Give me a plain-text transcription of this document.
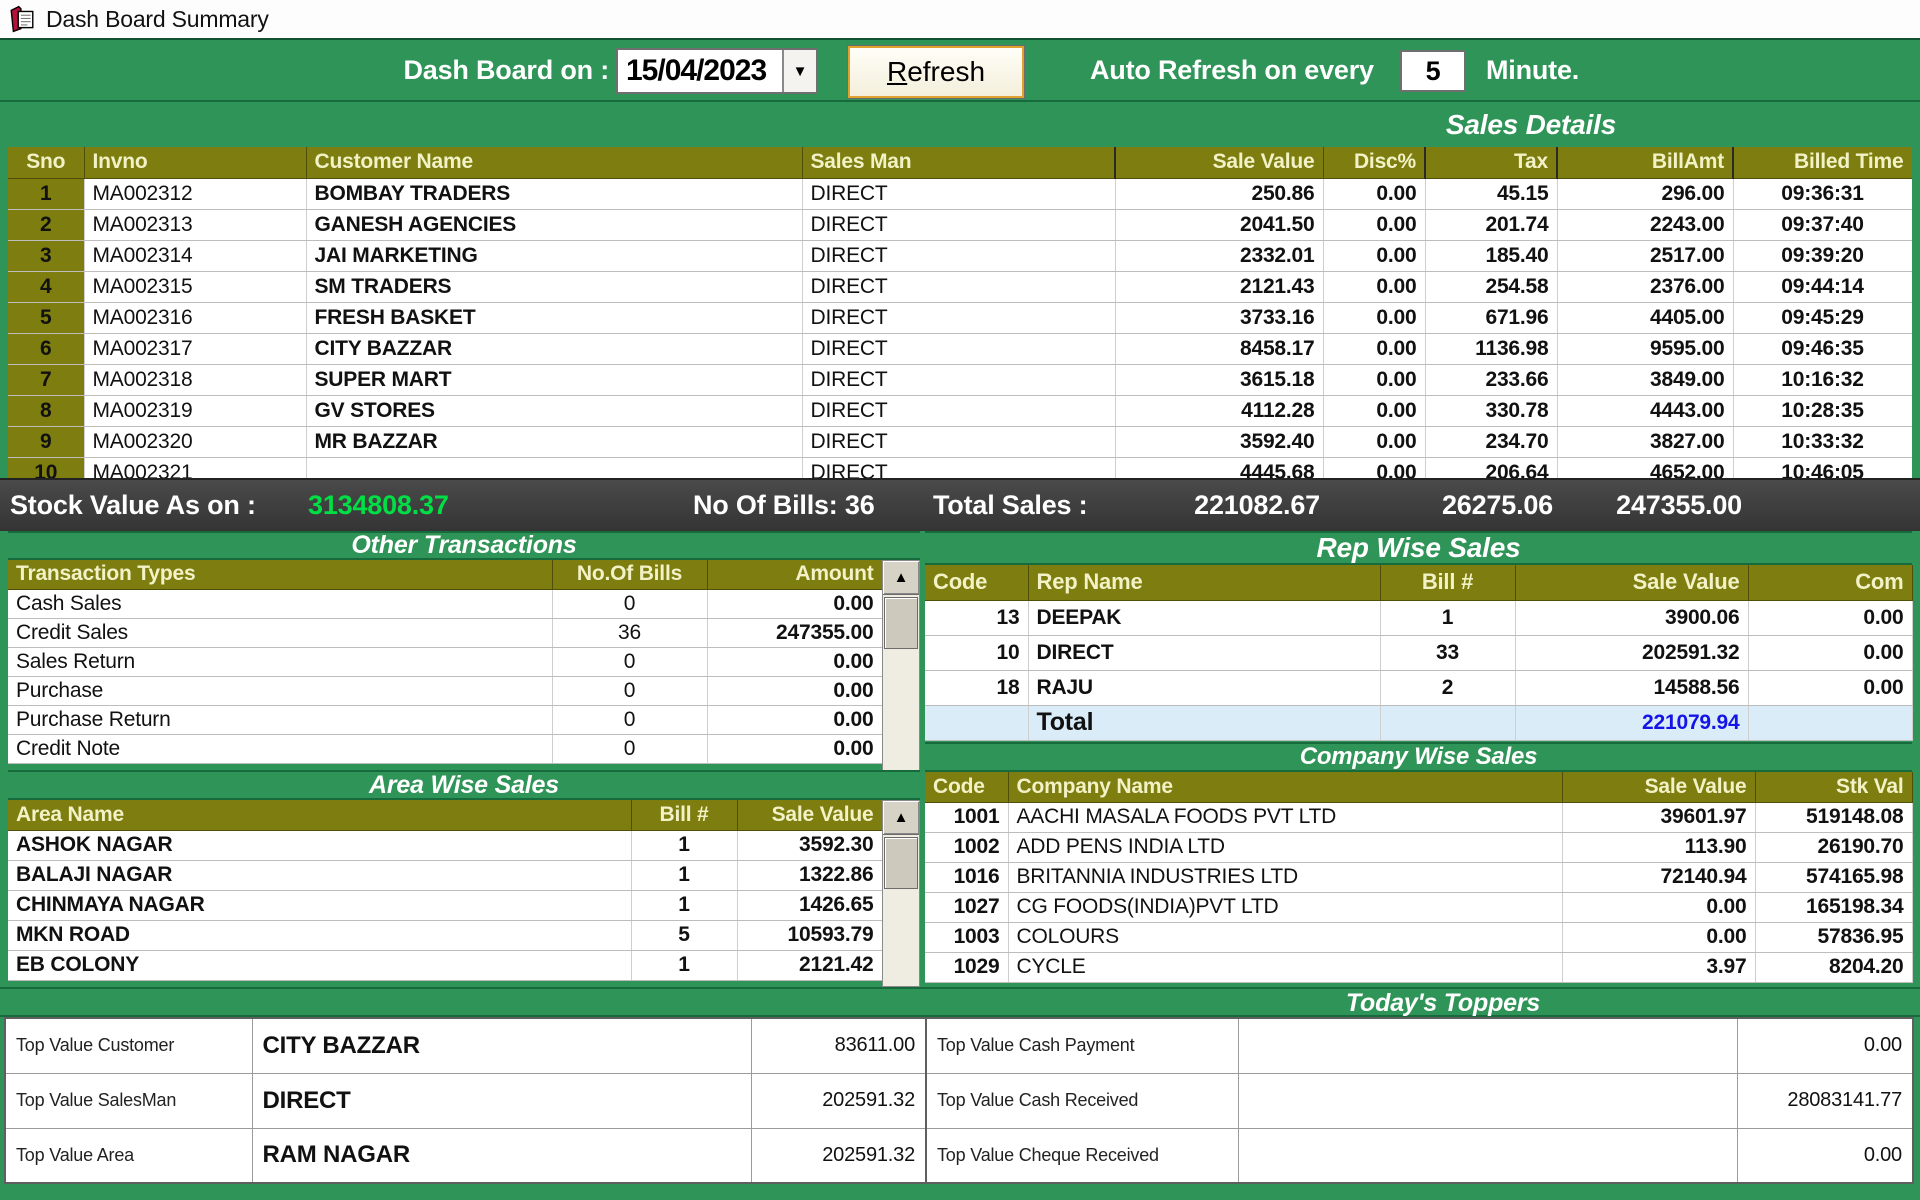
Dash Board Summary
Dash Board on : 15/04/2023	▼	Refresh	Auto Refresh on every	5	Minute.
Sales Details
Sno	Invno	Customer Name	Sales Man	Sale Value	Disc%	Tax	BillAmt	Billed Time
1	MA002312	BOMBAY TRADERS	DIRECT	250.86	0.00	45.15	296.00	09:36:31
2	MA002313	GANESH AGENCIES	DIRECT	2041.50	0.00	201.74	2243.00	09:37:40
3	MA002314	JAI MARKETING	DIRECT	2332.01	0.00	185.40	2517.00	09:39:20
4	MA002315	SM TRADERS	DIRECT	2121.43	0.00	254.58	2376.00	09:44:14
5	MA002316	FRESH BASKET	DIRECT	3733.16	0.00	671.96	4405.00	09:45:29
6	MA002317	CITY BAZZAR	DIRECT	8458.17	0.00	1136.98	9595.00	09:46:35
7	MA002318	SUPER MART	DIRECT	3615.18	0.00	233.66	3849.00	10:16:32
8	MA002319	GV STORES	DIRECT	4112.28	0.00	330.78	4443.00	10:28:35
9	MA002320	MR BAZZAR	DIRECT	3592.40	0.00	234.70	3827.00	10:33:32
10	MA002321		DIRECT	4445.68	0.00	206.64	4652.00	10:46:05
Stock Value As on : 3134808.37	No Of Bills: 36 Total Sales :	221082.67	26275.06	247355.00
Other Transactions
Transaction Types	No.Of Bills	Amount
Cash Sales	0	0.00
Credit Sales	36	247355.00
Sales Return	0	0.00
Purchase	0	0.00
Purchase Return	0	0.00
Credit Note	0	0.00
▲
Rep Wise Sales
Code	Rep Name	Bill #	Sale Value	Com
13	DEEPAK	1	3900.06	0.00
10	DIRECT	33	202591.32	0.00
18	RAJU	2	14588.56	0.00
	Total		221079.94	
Company Wise Sales
Code	Company Name	Sale Value	Stk Val
1001	AACHI MASALA FOODS PVT LTD	39601.97	519148.08
1002	ADD PENS INDIA LTD	113.90	26190.70
1016	BRITANNIA INDUSTRIES LTD	72140.94	574165.98
1027	CG FOODS(INDIA)PVT LTD	0.00	165198.34
1003	COLOURS	0.00	57836.95
1029	CYCLE	3.97	8204.20
Area Wise Sales
Area Name	Bill #	Sale Value
ASHOK NAGAR	1	3592.30
BALAJI NAGAR	1	1322.86
CHINMAYA NAGAR	1	1426.65
MKN ROAD	5	10593.79
EB COLONY	1	2121.42
▲
Today's Toppers
Top Value Customer	CITY BAZZAR	83611.00
Top Value SalesMan	DIRECT	202591.32
Top Value Area	RAM NAGAR	202591.32
Top Value Cash Payment		0.00
Top Value Cash Received		28083141.77
Top Value Cheque Received		0.00
